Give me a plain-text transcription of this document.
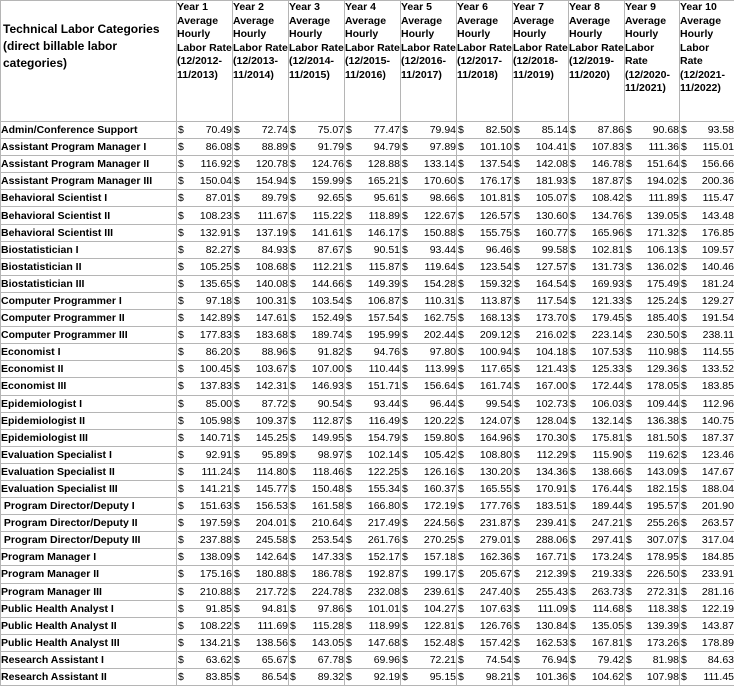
Technical Labor Categories (direct billable labor categories)	Year 1 Average Hourly Labor Rate (12/2012-11/2013)	Year 2 Average Hourly Labor Rate (12/2013-11/2014)	Year 3 Average Hourly Labor Rate (12/2014-11/2015)	Year 4 Average Hourly Labor Rate (12/2015-11/2016)	Year 5 Average Hourly Labor Rate (12/2016-11/2017)	Year 6 Average Hourly Labor Rate (12/2017-11/2018)	Year 7 Average Hourly Labor Rate (12/2018-11/2019)	Year 8 Average Hourly Labor Rate (12/2019-11/2020)	Year 9 Average Hourly Labor Rate (12/2020-11/2021)	Year 10 Average Hourly Labor Rate (12/2021-11/2022)
Admin/Conference Support	$ 70.49	$ 72.74	$ 75.07	$ 77.47	$ 79.94	$ 82.50	$ 85.14	$ 87.86	$ 90.68	$ 93.58

Assistant Program Manager I	$ 86.08	$ 88.89	$ 91.79	$ 94.79	$ 97.89	$ 101.10	$ 104.41	$ 107.83	$ 111.36	$ 115.01

Assistant Program Manager II	$ 116.92	$ 120.78	$ 124.76	$ 128.88	$ 133.14	$ 137.54	$ 142.08	$ 146.78	$ 151.64	$ 156.66

Assistant Program Manager III	$ 150.04	$ 154.94	$ 159.99	$ 165.21	$ 170.60	$ 176.17	$ 181.93	$ 187.87	$ 194.02	$ 200.36

Behavioral Scientist I	$ 87.01	$ 89.79	$ 92.65	$ 95.61	$ 98.66	$ 101.81	$ 105.07	$ 108.42	$ 111.89	$ 115.47

Behavioral Scientist II	$ 108.23	$ 111.67	$ 115.22	$ 118.89	$ 122.67	$ 126.57	$ 130.60	$ 134.76	$ 139.05	$ 143.48

Behavioral Scientist III	$ 132.91	$ 137.19	$ 141.61	$ 146.17	$ 150.88	$ 155.75	$ 160.77	$ 165.96	$ 171.32	$ 176.85

Biostatistician I	$ 82.27	$ 84.93	$ 87.67	$ 90.51	$ 93.44	$ 96.46	$ 99.58	$ 102.81	$ 106.13	$ 109.57

Biostatistician II	$ 105.25	$ 108.68	$ 112.21	$ 115.87	$ 119.64	$ 123.54	$ 127.57	$ 131.73	$ 136.02	$ 140.46

Biostatistician III	$ 135.65	$ 140.08	$ 144.66	$ 149.39	$ 154.28	$ 159.32	$ 164.54	$ 169.93	$ 175.49	$ 181.24

Computer Programmer I	$ 97.18	$ 100.31	$ 103.54	$ 106.87	$ 110.31	$ 113.87	$ 117.54	$ 121.33	$ 125.24	$ 129.27

Computer Programmer II	$ 142.89	$ 147.61	$ 152.49	$ 157.54	$ 162.75	$ 168.13	$ 173.70	$ 179.45	$ 185.40	$ 191.54

Computer Programmer III	$ 177.83	$ 183.68	$ 189.74	$ 195.99	$ 202.44	$ 209.12	$ 216.02	$ 223.14	$ 230.50	$ 238.11

Economist I	$ 86.20	$ 88.96	$ 91.82	$ 94.76	$ 97.80	$ 100.94	$ 104.18	$ 107.53	$ 110.98	$ 114.55

Economist II	$ 100.45	$ 103.67	$ 107.00	$ 110.44	$ 113.99	$ 117.65	$ 121.43	$ 125.33	$ 129.36	$ 133.52

Economist III	$ 137.83	$ 142.31	$ 146.93	$ 151.71	$ 156.64	$ 161.74	$ 167.00	$ 172.44	$ 178.05	$ 183.85

Epidemiologist I	$ 85.00	$ 87.72	$ 90.54	$ 93.44	$ 96.44	$ 99.54	$ 102.73	$ 106.03	$ 109.44	$ 112.96

Epidemiologist II	$ 105.98	$ 109.37	$ 112.87	$ 116.49	$ 120.22	$ 124.07	$ 128.04	$ 132.14	$ 136.38	$ 140.75

Epidemiologist III	$ 140.71	$ 145.25	$ 149.95	$ 154.79	$ 159.80	$ 164.96	$ 170.30	$ 175.81	$ 181.50	$ 187.37

Evaluation Specialist I	$ 92.91	$ 95.89	$ 98.97	$ 102.14	$ 105.42	$ 108.80	$ 112.29	$ 115.90	$ 119.62	$ 123.46

Evaluation Specialist II	$ 111.24	$ 114.80	$ 118.46	$ 122.25	$ 126.16	$ 130.20	$ 134.36	$ 138.66	$ 143.09	$ 147.67

Evaluation Specialist III	$ 141.21	$ 145.77	$ 150.48	$ 155.34	$ 160.37	$ 165.55	$ 170.91	$ 176.44	$ 182.15	$ 188.04

Program Director/Deputy I	$ 151.63	$ 156.53	$ 161.58	$ 166.80	$ 172.19	$ 177.76	$ 183.51	$ 189.44	$ 195.57	$ 201.90

Program Director/Deputy II	$ 197.59	$ 204.01	$ 210.64	$ 217.49	$ 224.56	$ 231.87	$ 239.41	$ 247.21	$ 255.26	$ 263.57

Program Director/Deputy III	$ 237.88	$ 245.58	$ 253.54	$ 261.76	$ 270.25	$ 279.01	$ 288.06	$ 297.41	$ 307.07	$ 317.04

Program Manager I	$ 138.09	$ 142.64	$ 147.33	$ 152.17	$ 157.18	$ 162.36	$ 167.71	$ 173.24	$ 178.95	$ 184.85

Program Manager II	$ 175.16	$ 180.88	$ 186.78	$ 192.87	$ 199.17	$ 205.67	$ 212.39	$ 219.33	$ 226.50	$ 233.91

Program Manager III	$ 210.88	$ 217.72	$ 224.78	$ 232.08	$ 239.61	$ 247.40	$ 255.43	$ 263.73	$ 272.31	$ 281.16

Public Health Analyst I	$ 91.85	$ 94.81	$ 97.86	$ 101.01	$ 104.27	$ 107.63	$ 111.09	$ 114.68	$ 118.38	$ 122.19

Public Health Analyst II	$ 108.22	$ 111.69	$ 115.28	$ 118.99	$ 122.81	$ 126.76	$ 130.84	$ 135.05	$ 139.39	$ 143.87

Public Health Analyst III	$ 134.21	$ 138.56	$ 143.05	$ 147.68	$ 152.48	$ 157.42	$ 162.53	$ 167.81	$ 173.26	$ 178.89

Research Assistant I	$ 63.62	$ 65.67	$ 67.78	$ 69.96	$ 72.21	$ 74.54	$ 76.94	$ 79.42	$ 81.98	$ 84.63

Research Assistant II	$ 83.85	$ 86.54	$ 89.32	$ 92.19	$ 95.15	$ 98.21	$ 101.36	$ 104.62	$ 107.98	$ 111.45
